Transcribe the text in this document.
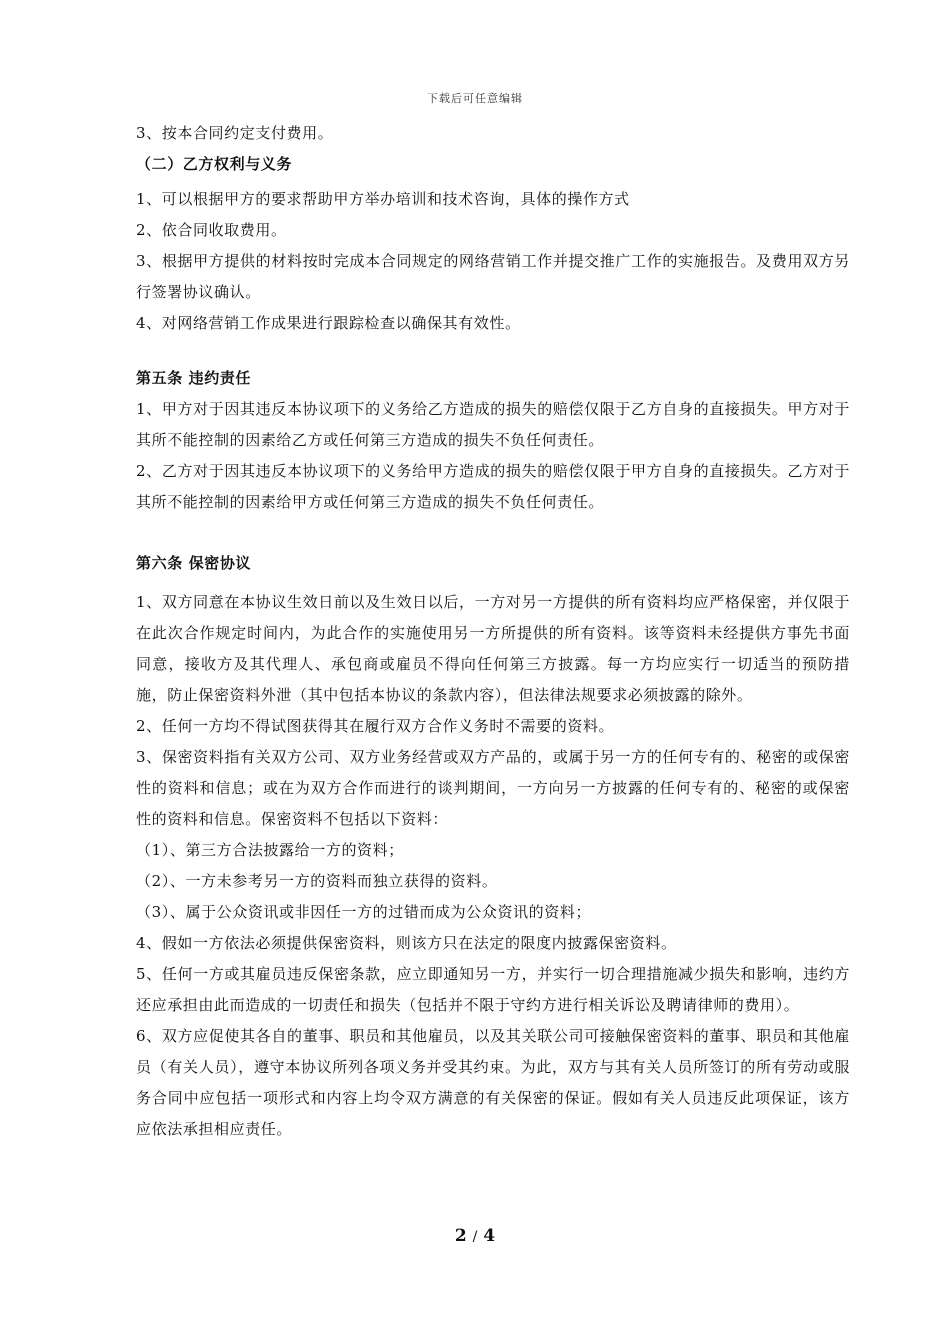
下载后可任意编辑

3、按本合同约定支付费用。

（二）乙方权利与义务

1、可以根据甲方的要求帮助甲方举办培训和技术咨询，具体的操作方式

2、依合同收取费用。

3、根据甲方提供的材料按时完成本合同规定的网络营销工作并提交推广工作的实施报告。及费用双方另行签署协议确认。

4、对网络营销工作成果进行跟踪检查以确保其有效性。

第五条 违约责任

1、甲方对于因其违反本协议项下的义务给乙方造成的损失的赔偿仅限于乙方自身的直接损失。甲方对于其所不能控制的因素给乙方或任何第三方造成的损失不负任何责任。

2、乙方对于因其违反本协议项下的义务给甲方造成的损失的赔偿仅限于甲方自身的直接损失。乙方对于其所不能控制的因素给甲方或任何第三方造成的损失不负任何责任。

第六条 保密协议

1、双方同意在本协议生效日前以及生效日以后，一方对另一方提供的所有资料均应严格保密，并仅限于在此次合作规定时间内，为此合作的实施使用另一方所提供的所有资料。该等资料未经提供方事先书面同意，接收方及其代理人、承包商或雇员不得向任何第三方披露。每一方均应实行一切适当的预防措施，防止保密资料外泄（其中包括本协议的条款内容），但法律法规要求必须披露的除外。

2、任何一方均不得试图获得其在履行双方合作义务时不需要的资料。

3、保密资料指有关双方公司、双方业务经营或双方产品的，或属于另一方的任何专有的、秘密的或保密性的资料和信息；或在为双方合作而进行的谈判期间，一方向另一方披露的任何专有的、秘密的或保密性的资料和信息。保密资料不包括以下资料：

（1）、第三方合法披露给一方的资料；

（2）、一方未参考另一方的资料而独立获得的资料。

（3）、属于公众资讯或非因任一方的过错而成为公众资讯的资料；

4、假如一方依法必须提供保密资料，则该方只在法定的限度内披露保密资料。

5、任何一方或其雇员违反保密条款，应立即通知另一方，并实行一切合理措施减少损失和影响，违约方还应承担由此而造成的一切责任和损失（包括并不限于守约方进行相关诉讼及聘请律师的费用）。

6、双方应促使其各自的董事、职员和其他雇员，以及其关联公司可接触保密资料的董事、职员和其他雇员（有关人员），遵守本协议所列各项义务并受其约束。为此，双方与其有关人员所签订的所有劳动或服务合同中应包括一项形式和内容上均令双方满意的有关保密的保证。假如有关人员违反此项保证，该方应依法承担相应责任。

2 / 4
